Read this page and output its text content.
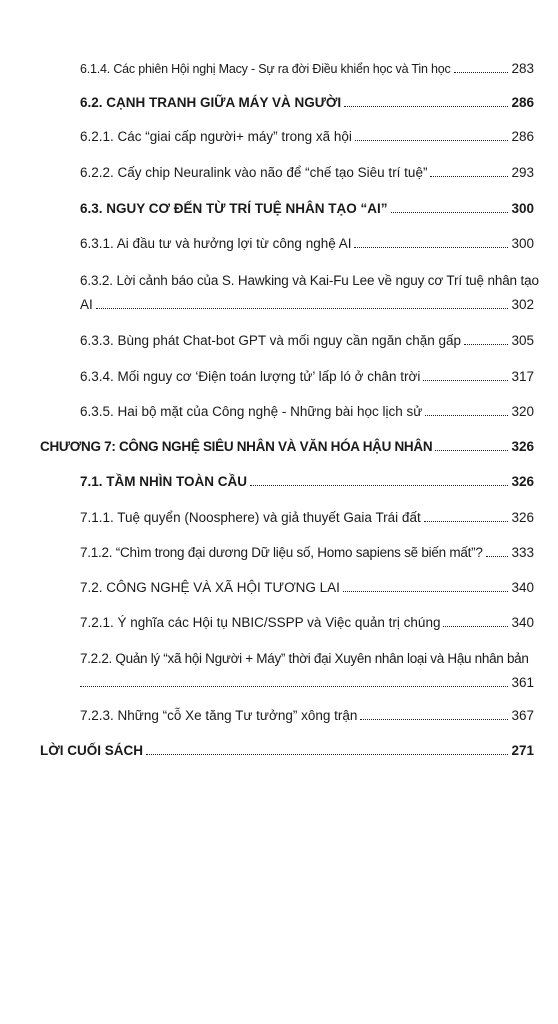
6.1.4. Các phiên Hội nghị Macy - Sự ra đời Điều khiển học và Tin học	283
6.2. CẠNH TRANH GIỮA MÁY VÀ NGƯỜI	286
6.2.1. Các “giai cấp người+ máy” trong xã hội	286
6.2.2. Cấy chip Neuralink vào não để “chế tạo Siêu trí tuệ”	293
6.3. NGUY CƠ ĐẾN TỪ TRÍ TUỆ NHÂN TẠO “AI”	300
6.3.1. Ai đầu tư và hưởng lợi từ công nghệ AI	300
6.3.2. Lời cảnh báo của S. Hawking và Kai-Fu Lee về nguy cơ Trí tuệ nhân tạo
AI	302
6.3.3. Bùng phát Chat-bot GPT và mối nguy cần ngăn chặn gấp	305
6.3.4. Mối nguy cơ ‘Điện toán lượng tử’ lấp ló ở chân trời	317
6.3.5. Hai bộ mặt của Công nghệ - Những bài học lịch sử	320
CHƯƠNG 7: CÔNG NGHỆ SIÊU NHÂN VÀ VĂN HÓA HẬU NHÂN	326
7.1. TẦM NHÌN TOÀN CẦU	326
7.1.1. Tuệ quyển (Noosphere) và giả thuyết Gaia Trái đất	326
7.1.2. “Chìm trong đại dương Dữ liệu số, Homo sapiens sẽ biến mất”? 333
7.2. CÔNG NGHỆ VÀ XÃ HỘI TƯƠNG LAI	340
7.2.1. Ý nghĩa các Hội tụ NBIC/SSPP và Việc quản trị chúng	340
7.2.2. Quản lý “xã hội Người + Máy” thời đại Xuyên nhân loại và Hậu nhân bản
361
7.2.3. Những “cỗ Xe tăng Tư tưởng” xông trận	367
LỜI CUỐI SÁCH	271
